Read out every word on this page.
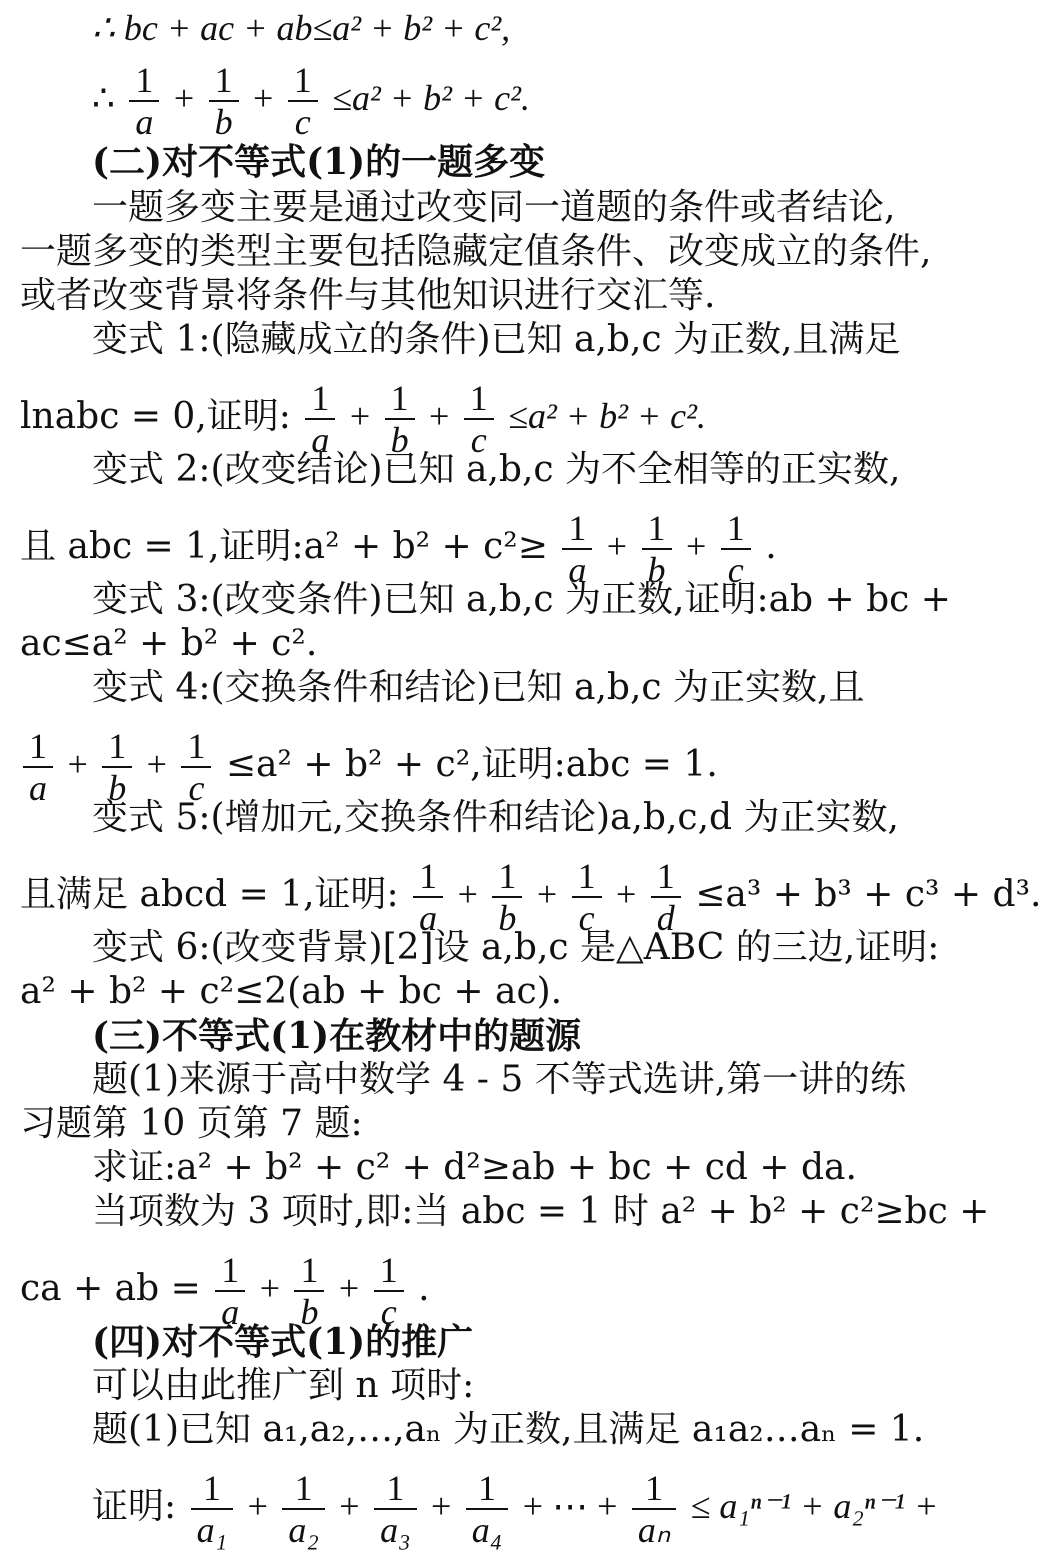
∴ bc + ac + ab≤a² + b² + c²,
∴ $\frac{1}{a} + \frac{1}{b} + \frac{1}{c} \le a^2 + b^2 + c^2$.
(二)对不等式(1)的一题多变
一题多变主要是通过改变同一道题的条件或者结论,
一题多变的类型主要包括隐藏定值条件、改变成立的条件,
或者改变背景将条件与其他知识进行交汇等.
变式 1:(隐藏成立的条件)已知 a,b,c 为正数,且满足
lnabc = 0,证明: $\frac{1}{a} + \frac{1}{b} + \frac{1}{c} \le a^2 + b^2 + c^2$.
变式 2:(改变结论)已知 a,b,c 为不全相等的正实数,
且 abc = 1,证明:a² + $b^2 + c^2\ge \frac{1}{a} + \frac{1}{b} + \frac{1}{c}$ .
变式 3:(改变条件)已知 a,b,c 为正数,证明:ab + bc +
ac≤a² + b² + c².
变式 4:(交换条件和结论)已知 a,b,c 为正实数,且
$\frac{1}{a} + \frac{1}{b} + \frac{1}{c} \le a^2 + b^2 + c^2$,证明:abc = 1.
变式 5:(增加元,交换条件和结论)a,b,c,d 为正实数,
且满足 abcd = 1,证明: $\frac{1}{a} + \frac{1}{b} + \frac{1}{c} + \frac{1}{d} \le a^3 + b^3 + c^3 + d^3$.
变式 6:(改变背景)[2]设 a,b,c 是△ABC 的三边,证明:
a² + b² + c²≤2(ab + bc + ac).
(三)不等式(1)在教材中的题源
题(1)来源于高中数学 4 - 5 不等式选讲,第一讲的练
习题第 10 页第 7 题:
求证:a² + b² + c² + d²≥ab + bc + cd + da.
当项数为 3 项时,即:当 abc = 1 时 a² + b² + c²≥bc +
ca + ab = $\frac{1}{a} + \frac{1}{b} + \frac{1}{c}$ .
(四)对不等式(1)的推广
可以由此推广到 n 项时:
题(1)已知 a₁,a₂,…,aₙ 为正数,且满足 a₁a₂…aₙ = 1.
证明: $\frac{1}{\text{a₁}} + \frac{1}{\text{a₂}} + \frac{1}{\text{a₃}} + \frac{1}{\text{a₄}}$ + ⋯ + $\frac{1}{\text{aₙ}} \le a_1^{n-1} + a_2^{n-1}$ +
